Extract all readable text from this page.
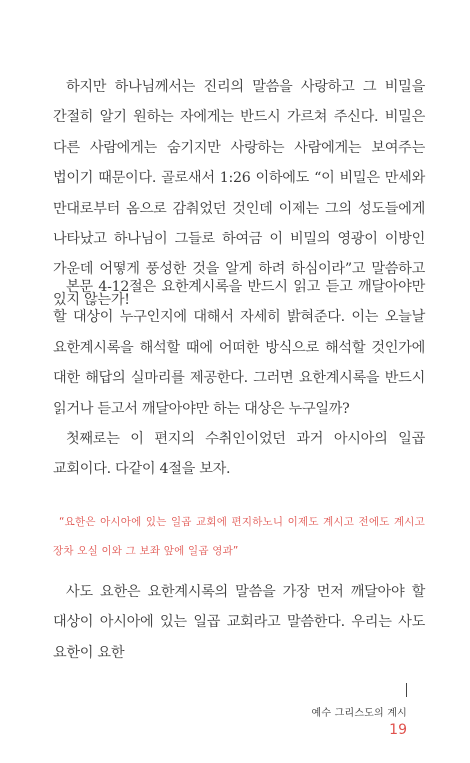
하지만 하나님께서는 진리의 말씀을 사랑하고 그 비밀을 간절히 알기 원하는 자에게는 반드시 가르쳐 주신다. 비밀은 다른 사람에게는 숨기지만 사랑하는 사람에게는 보여주는 법이기 때문이다. 골로새서 1:26 이하에도 “이 비밀은 만세와 만대로부터 옴으로 감춰었던 것인데 이제는 그의 성도들에게 나타났고 하나님이 그들로 하여금 이 비밀의 영광이 이방인 가운데 어떻게 풍성한 것을 알게 하려 하심이라”고 말씀하고 있지 않는가!

본문 4-12절은 요한계시록을 반드시 읽고 듣고 깨달아야만 할 대상이 누구인지에 대해서 자세히 밝혀준다. 이는 오늘날 요한계시록을 해석할 때에 어떠한 방식으로 해석할 것인가에 대한 해답의 실마리를 제공한다. 그러면 요한계시록을 반드시 읽거나 듣고서 깨달아야만 하는 대상은 누구일까?

첫째로는 이 편지의 수취인이었던 과거 아시아의 일곱 교회이다. 다같이 4절을 보자.

“요한은 아시아에 있는 일곱 교회에 편지하노니 이제도 계시고 전에도 계시고 장차 오실 이와 그 보좌 앞에 일곱 영과”

사도 요한은 요한계시록의 말씀을 가장 먼저 깨달아야 할 대상이 아시아에 있는 일곱 교회라고 말씀한다. 우리는 사도 요한이 요한

예수 그리스도의 계시
19
